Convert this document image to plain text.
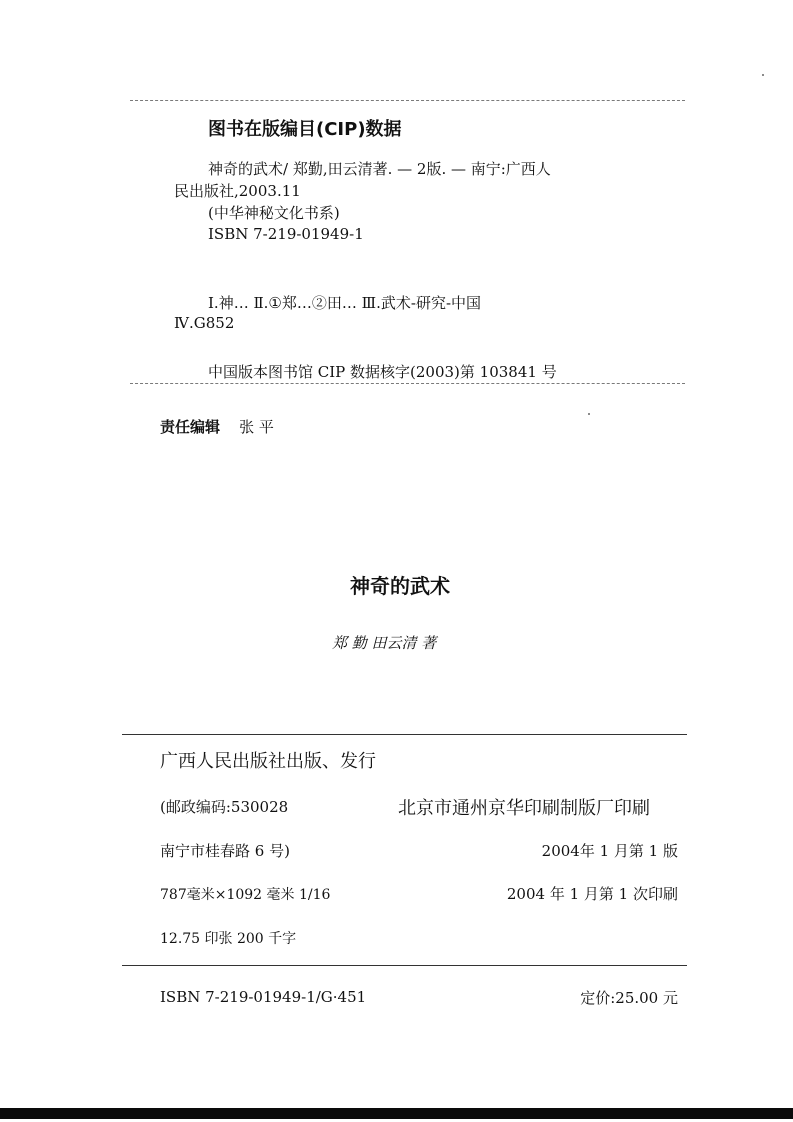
图书在版编目(CIP)数据
神奇的武术/ 郑勤,田云清著. — 2版. — 南宁:广西人
民出版社,2003.11
(中华神秘文化书系)
ISBN 7-219-01949-1
Ⅰ.神… Ⅱ.①郑…②田… Ⅲ.武术-研究-中国
Ⅳ.G852
中国版本图书馆 CIP 数据核字(2003)第 103841 号
责任编辑 张 平
神奇的武术
郑 勤 田云清 著
广西人民出版社出版、发行
(邮政编码:530028	北京市通州京华印刷制版厂印刷
南宁市桂春路 6 号)	2004年 1 月第 1 版
787毫米×1092 毫米 1/16	2004 年 1 月第 1 次印刷
12.75 印张 200 千字
ISBN 7-219-01949-1/G·451	定价:25.00 元
